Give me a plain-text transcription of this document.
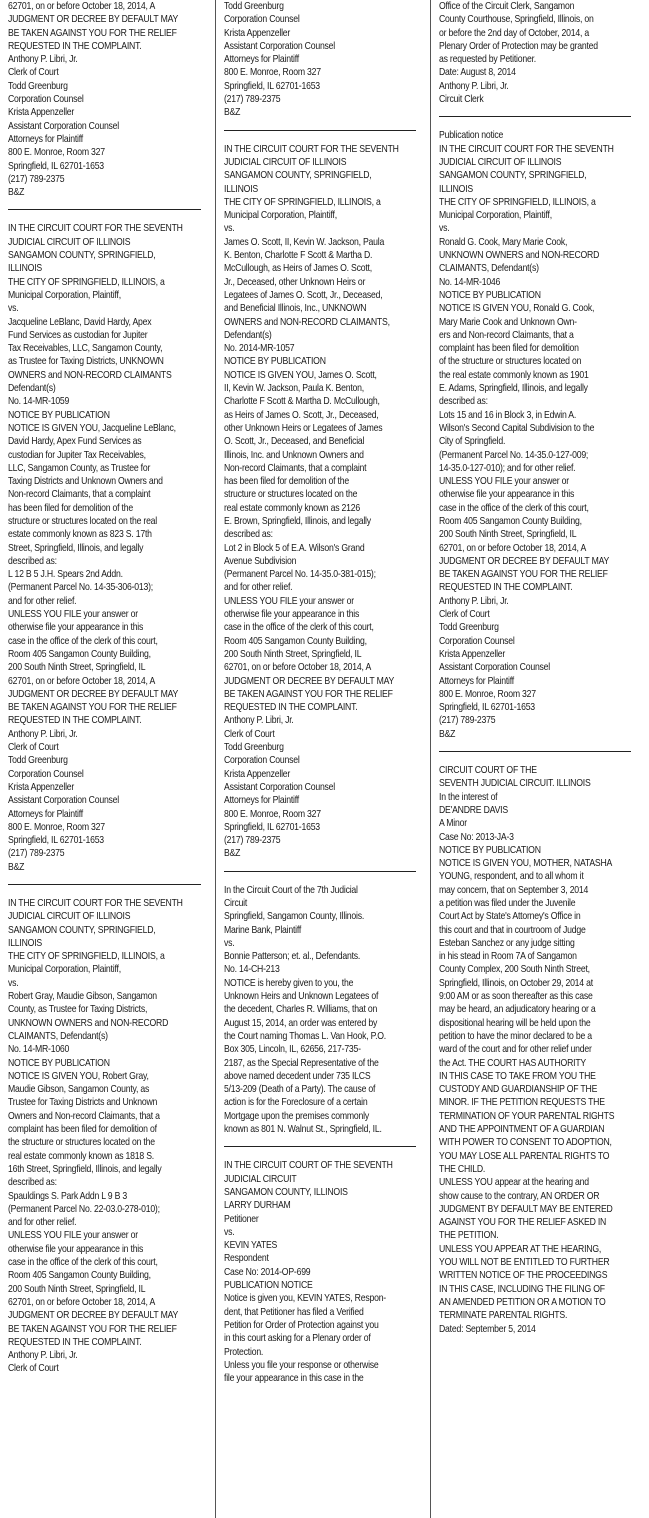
62701, on or before October 18, 2014, A
JUDGMENT OR DECREE BY DEFAULT MAY
BE TAKEN AGAINST YOU FOR THE RELIEF
REQUESTED IN THE COMPLAINT.
Anthony P. Libri, Jr.
Clerk of Court
Todd Greenburg
Corporation Counsel
Krista Appenzeller
Assistant Corporation Counsel
Attorneys for Plaintiff
800 E. Monroe, Room 327
Springfield, IL 62701-1653
(217) 789-2375
B&Z
IN THE CIRCUIT COURT FOR THE SEVENTH
JUDICIAL CIRCUIT OF ILLINOIS
SANGAMON COUNTY, SPRINGFIELD,
ILLINOIS
THE CITY OF SPRINGFIELD, ILLINOIS, a
Municipal Corporation, Plaintiff,
vs.
Jacqueline LeBlanc, David Hardy, Apex
Fund Services as custodian for Jupiter
Tax Receivables, LLC, Sangamon County,
as Trustee for Taxing Districts, UNKNOWN
OWNERS and NON-RECORD CLAIMANTS
Defendant(s)
No. 14-MR-1059
NOTICE BY PUBLICATION
NOTICE IS GIVEN YOU, Jacqueline LeBlanc,
David Hardy, Apex Fund Services as
custodian for Jupiter Tax Receivables,
LLC, Sangamon County, as Trustee for
Taxing Districts and Unknown Owners and
Non-record Claimants, that a complaint
has been filed for demolition of the
structure or structures located on the real
estate commonly known as 823 S. 17th
Street, Springfield, Illinois, and legally
described as:
L 12 B 5 J.H. Spears 2nd Addn.
(Permanent Parcel No. 14-35-306-013);
and for other relief.
UNLESS YOU FILE your answer or
otherwise file your appearance in this
case in the office of the clerk of this court,
Room 405 Sangamon County Building,
200 South Ninth Street, Springfield, IL
62701, on or before October 18, 2014, A
JUDGMENT OR DECREE BY DEFAULT MAY
BE TAKEN AGAINST YOU FOR THE RELIEF
REQUESTED IN THE COMPLAINT.
Anthony P. Libri, Jr.
Clerk of Court
Todd Greenburg
Corporation Counsel
Krista Appenzeller
Assistant Corporation Counsel
Attorneys for Plaintiff
800 E. Monroe, Room 327
Springfield, IL 62701-1653
(217) 789-2375
B&Z
IN THE CIRCUIT COURT FOR THE SEVENTH
JUDICIAL CIRCUIT OF ILLINOIS
SANGAMON COUNTY, SPRINGFIELD,
ILLINOIS
THE CITY OF SPRINGFIELD, ILLINOIS, a
Municipal Corporation, Plaintiff,
vs.
Robert Gray, Maudie Gibson, Sangamon
County, as Trustee for Taxing Districts,
UNKNOWN OWNERS and NON-RECORD
CLAIMANTS, Defendant(s)
No. 14-MR-1060
NOTICE BY PUBLICATION
NOTICE IS GIVEN YOU, Robert Gray,
Maudie Gibson, Sangamon County, as
Trustee for Taxing Districts and Unknown
Owners and Non-record Claimants, that a
complaint has been filed for demolition of
the structure or structures located on the
real estate commonly known as 1818 S.
16th Street, Springfield, Illinois, and legally
described as:
Spauldings S. Park Addn L 9 B 3
(Permanent Parcel No. 22-03.0-278-010);
and for other relief.
UNLESS YOU FILE your answer or
otherwise file your appearance in this
case in the office of the clerk of this court,
Room 405 Sangamon County Building,
200 South Ninth Street, Springfield, IL
62701, on or before October 18, 2014, A
JUDGMENT OR DECREE BY DEFAULT MAY
BE TAKEN AGAINST YOU FOR THE RELIEF
REQUESTED IN THE COMPLAINT.
Anthony P. Libri, Jr.
Clerk of Court
Todd Greenburg
Corporation Counsel
Krista Appenzeller
Assistant Corporation Counsel
Attorneys for Plaintiff
800 E. Monroe, Room 327
Springfield, IL 62701-1653
(217) 789-2375
B&Z
IN THE CIRCUIT COURT FOR THE SEVENTH
JUDICIAL CIRCUIT OF ILLINOIS
SANGAMON COUNTY, SPRINGFIELD,
ILLINOIS
THE CITY OF SPRINGFIELD, ILLINOIS, a
Municipal Corporation, Plaintiff,
vs.
James O. Scott, II, Kevin W. Jackson, Paula
K. Benton, Charlotte F Scott & Martha D.
McCullough, as Heirs of James O. Scott,
Jr., Deceased, other Unknown Heirs or
Legatees of James O. Scott, Jr., Deceased,
and Beneficial Illinois, Inc., UNKNOWN
OWNERS and NON-RECORD CLAIMANTS,
Defendant(s)
No. 2014-MR-1057
NOTICE BY PUBLICATION
NOTICE IS GIVEN YOU, James O. Scott,
II, Kevin W. Jackson, Paula K. Benton,
Charlotte F Scott & Martha D. McCullough,
as Heirs of James O. Scott, Jr., Deceased,
other Unknown Heirs or Legatees of James
O. Scott, Jr., Deceased, and Beneficial
Illinois, Inc. and Unknown Owners and
Non-record Claimants, that a complaint
has been filed for demolition of the
structure or structures located on the
real estate commonly known as 2126
E. Brown, Springfield, Illinois, and legally
described as:
Lot 2 in Block 5 of E.A. Wilson's Grand
Avenue Subdivision
(Permanent Parcel No. 14-35.0-381-015);
and for other relief.
UNLESS YOU FILE your answer or
otherwise file your appearance in this
case in the office of the clerk of this court,
Room 405 Sangamon County Building,
200 South Ninth Street, Springfield, IL
62701, on or before October 18, 2014, A
JUDGMENT OR DECREE BY DEFAULT MAY
BE TAKEN AGAINST YOU FOR THE RELIEF
REQUESTED IN THE COMPLAINT.
Anthony P. Libri, Jr.
Clerk of Court
Todd Greenburg
Corporation Counsel
Krista Appenzeller
Assistant Corporation Counsel
Attorneys for Plaintiff
800 E. Monroe, Room 327
Springfield, IL 62701-1653
(217) 789-2375
B&Z
In the Circuit Court of the 7th Judicial
Circuit
Springfield, Sangamon County, Illinois.
Marine Bank, Plaintiff
vs.
Bonnie Patterson; et. al., Defendants.
No. 14-CH-213
NOTICE is hereby given to you, the
Unknown Heirs and Unknown Legatees of
the decedent, Charles R. Williams, that on
August 15, 2014, an order was entered by
the Court naming Thomas L. Van Hook, P.O.
Box 305, Lincoln, IL, 62656, 217-735-
2187, as the Special Representative of the
above named decedent under 735 ILCS
5/13-209 (Death of a Party). The cause of
action is for the Foreclosure of a certain
Mortgage upon the premises commonly
known as 801 N. Walnut St., Springfield, IL.
IN THE CIRCUIT COURT OF THE SEVENTH
JUDICIAL CIRCUIT
SANGAMON COUNTY, ILLINOIS
LARRY DURHAM
Petitioner
vs.
KEVIN YATES
Respondent
Case No: 2014-OP-699
PUBLICATION NOTICE
Notice is given you, KEVIN YATES, Respon-
dent, that Petitioner has filed a Verified
Petition for Order of Protection against you
in this court asking for a Plenary order of
Protection.
Unless you file your response or otherwise
file your appearance in this case in the
Office of the Circuit Clerk, Sangamon
County Courthouse, Springfield, Illinois, on
or before the 2nd day of October, 2014, a
Plenary Order of Protection may be granted
as requested by Petitioner.
Date: August 8, 2014
Anthony P. Libri, Jr.
Circuit Clerk
Publication notice
IN THE CIRCUIT COURT FOR THE SEVENTH
JUDICIAL CIRCUIT OF ILLINOIS
SANGAMON COUNTY, SPRINGFIELD,
ILLINOIS
THE CITY OF SPRINGFIELD, ILLINOIS, a
Municipal Corporation, Plaintiff,
vs.
Ronald G. Cook, Mary Marie Cook,
UNKNOWN OWNERS and NON-RECORD
CLAIMANTS, Defendant(s)
No. 14-MR-1046
NOTICE BY PUBLICATION
NOTICE IS GIVEN YOU, Ronald G. Cook,
Mary Marie Cook and Unknown Own-
ers and Non-record Claimants, that a
complaint has been filed for demolition
of the structure or structures located on
the real estate commonly known as 1901
E. Adams, Springfield, Illinois, and legally
described as:
Lots 15 and 16 in Block 3, in Edwin A.
Wilson's Second Capital Subdivision to the
City of Springfield.
(Permanent Parcel No. 14-35.0-127-009;
14-35.0-127-010); and for other relief.
UNLESS YOU FILE your answer or
otherwise file your appearance in this
case in the office of the clerk of this court,
Room 405 Sangamon County Building,
200 South Ninth Street, Springfield, IL
62701, on or before October 18, 2014, A
JUDGMENT OR DECREE BY DEFAULT MAY
BE TAKEN AGAINST YOU FOR THE RELIEF
REQUESTED IN THE COMPLAINT.
Anthony P. Libri, Jr.
Clerk of Court
Todd Greenburg
Corporation Counsel
Krista Appenzeller
Assistant Corporation Counsel
Attorneys for Plaintiff
800 E. Monroe, Room 327
Springfield, IL 62701-1653
(217) 789-2375
B&Z
CIRCUIT COURT OF THE
SEVENTH JUDICIAL CIRCUIT. ILLINOIS
In the interest of
DE'ANDRE DAVIS
A Minor
Case No: 2013-JA-3
NOTICE BY PUBLICATION
NOTICE IS GIVEN YOU, MOTHER, NATASHA
YOUNG, respondent, and to all whom it
may concern, that on September 3, 2014
a petition was filed under the Juvenile
Court Act by State's Attorney's Office in
this court and that in courtroom of Judge
Esteban Sanchez or any judge sitting
in his stead in Room 7A of Sangamon
County Complex, 200 South Ninth Street,
Springfield, Illinois, on October 29, 2014 at
9:00 AM or as soon thereafter as this case
may be heard, an adjudicatory hearing or a
dispositional hearing will be held upon the
petition to have the minor declared to be a
ward of the court and for other relief under
the Act. THE COURT HAS AUTHORITY
IN THIS CASE TO TAKE FROM YOU THE
CUSTODY AND GUARDIANSHIP OF THE
MINOR. IF THE PETITION REQUESTS THE
TERMINATION OF YOUR PARENTAL RIGHTS
AND THE APPOINTMENT OF A GUARDIAN
WITH POWER TO CONSENT TO ADOPTION,
YOU MAY LOSE ALL PARENTAL RIGHTS TO
THE CHILD.
UNLESS YOU appear at the hearing and
show cause to the contrary, AN ORDER OR
JUDGMENT BY DEFAULT MAY BE ENTERED
AGAINST YOU FOR THE RELIEF ASKED IN
THE PETITION.
UNLESS YOU APPEAR AT THE HEARING,
YOU WILL NOT BE ENTITLED TO FURTHER
WRITTEN NOTICE OF THE PROCEEDINGS
IN THIS CASE, INCLUDING THE FILING OF
AN AMENDED PETITION OR A MOTION TO
TERMINATE PARENTAL RIGHTS.
Dated: September 5, 2014
